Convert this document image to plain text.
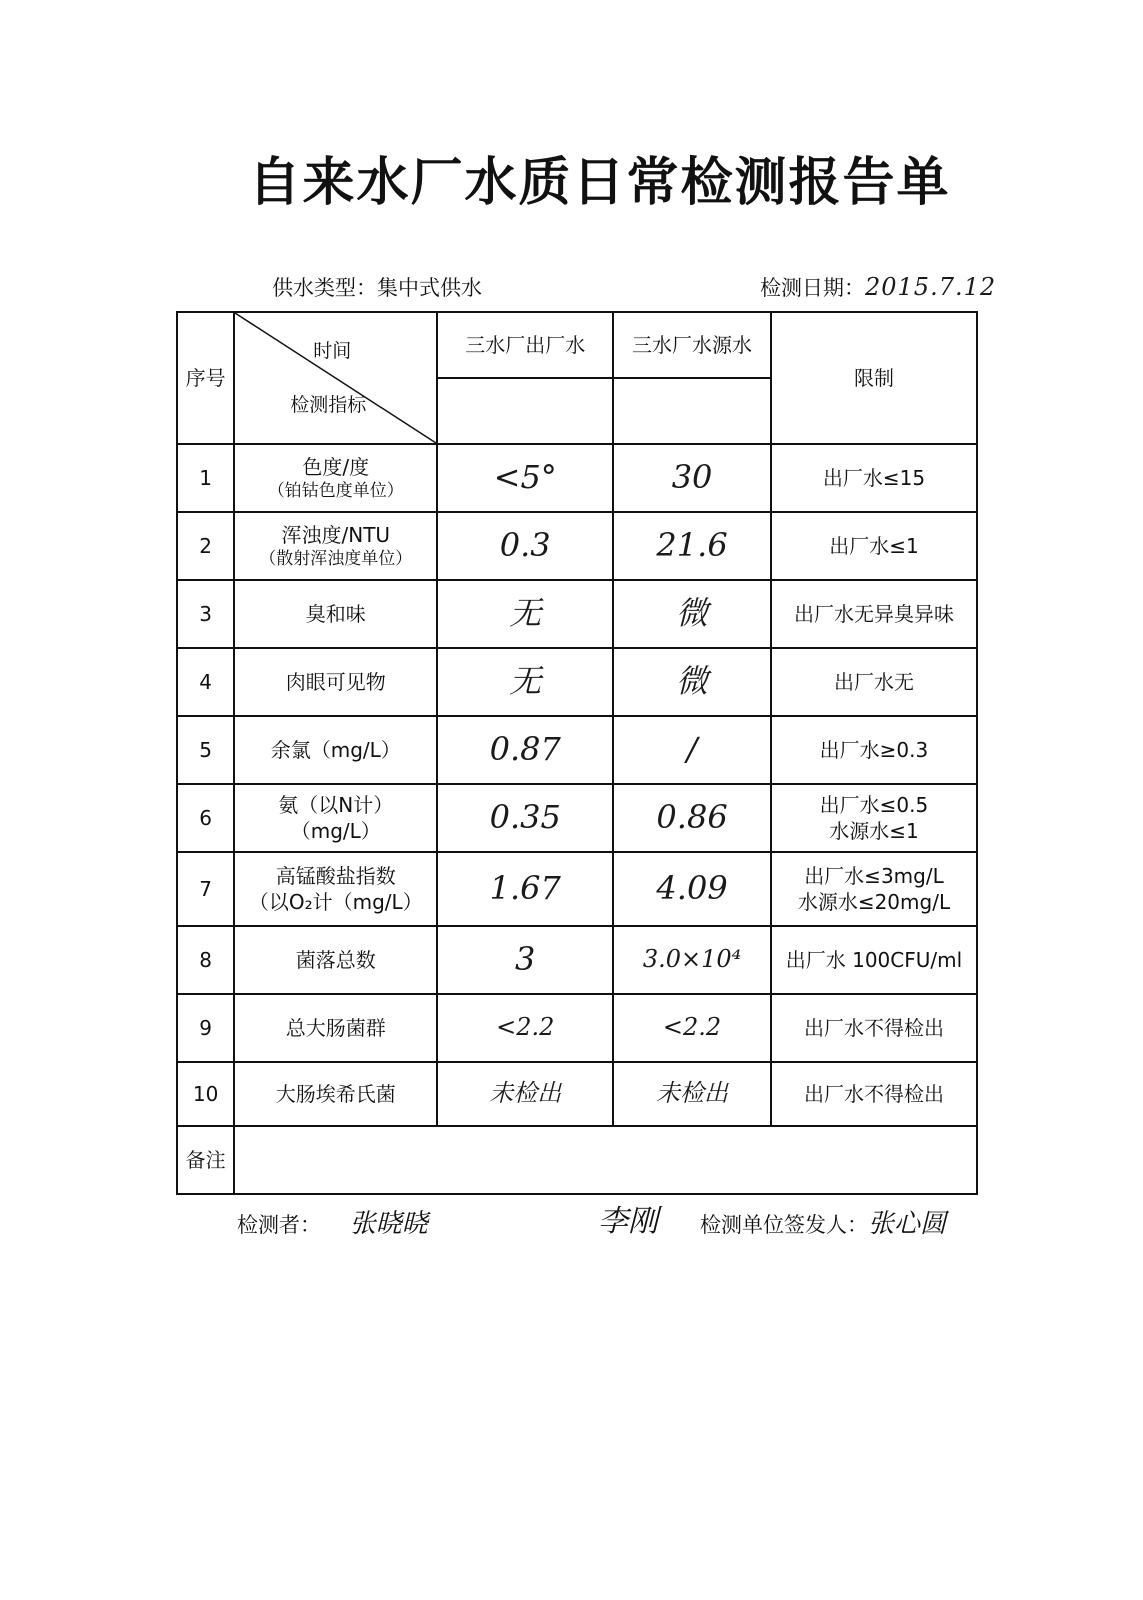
自来水厂水质日常检测报告单
供水类型：集中式供水	检测日期：2015.7.12
序号	时间
检测指标	三水厂出厂水	三水厂水源水	限制

1	色度/度
（铂钴色度单位）	<5°	30	出厂水≤15

2	浑浊度/NTU
（散射浑浊度单位）	0.3	21.6	出厂水≤1

3	臭和味	无	微	出厂水无异臭异味

4	肉眼可见物	无	微	出厂水无

5	余氯（mg/L）	0.87	/	出厂水≥0.3

6	氨（以N计）
（mg/L）	0.35	0.86	出厂水≤0.5
水源水≤1

7	高锰酸盐指数
（以O₂计（mg/L）	1.67	4.09	出厂水≤3mg/L
水源水≤20mg/L

8	菌落总数	3	3.0×10⁴	出厂水 100CFU/ml

9	总大肠菌群	<2.2	<2.2	出厂水不得检出

10	大肠埃希氏菌	未检出	未检出	出厂水不得检出

备注				
检测者： 张晓晓	李刚 检测单位签发人：张心圆
